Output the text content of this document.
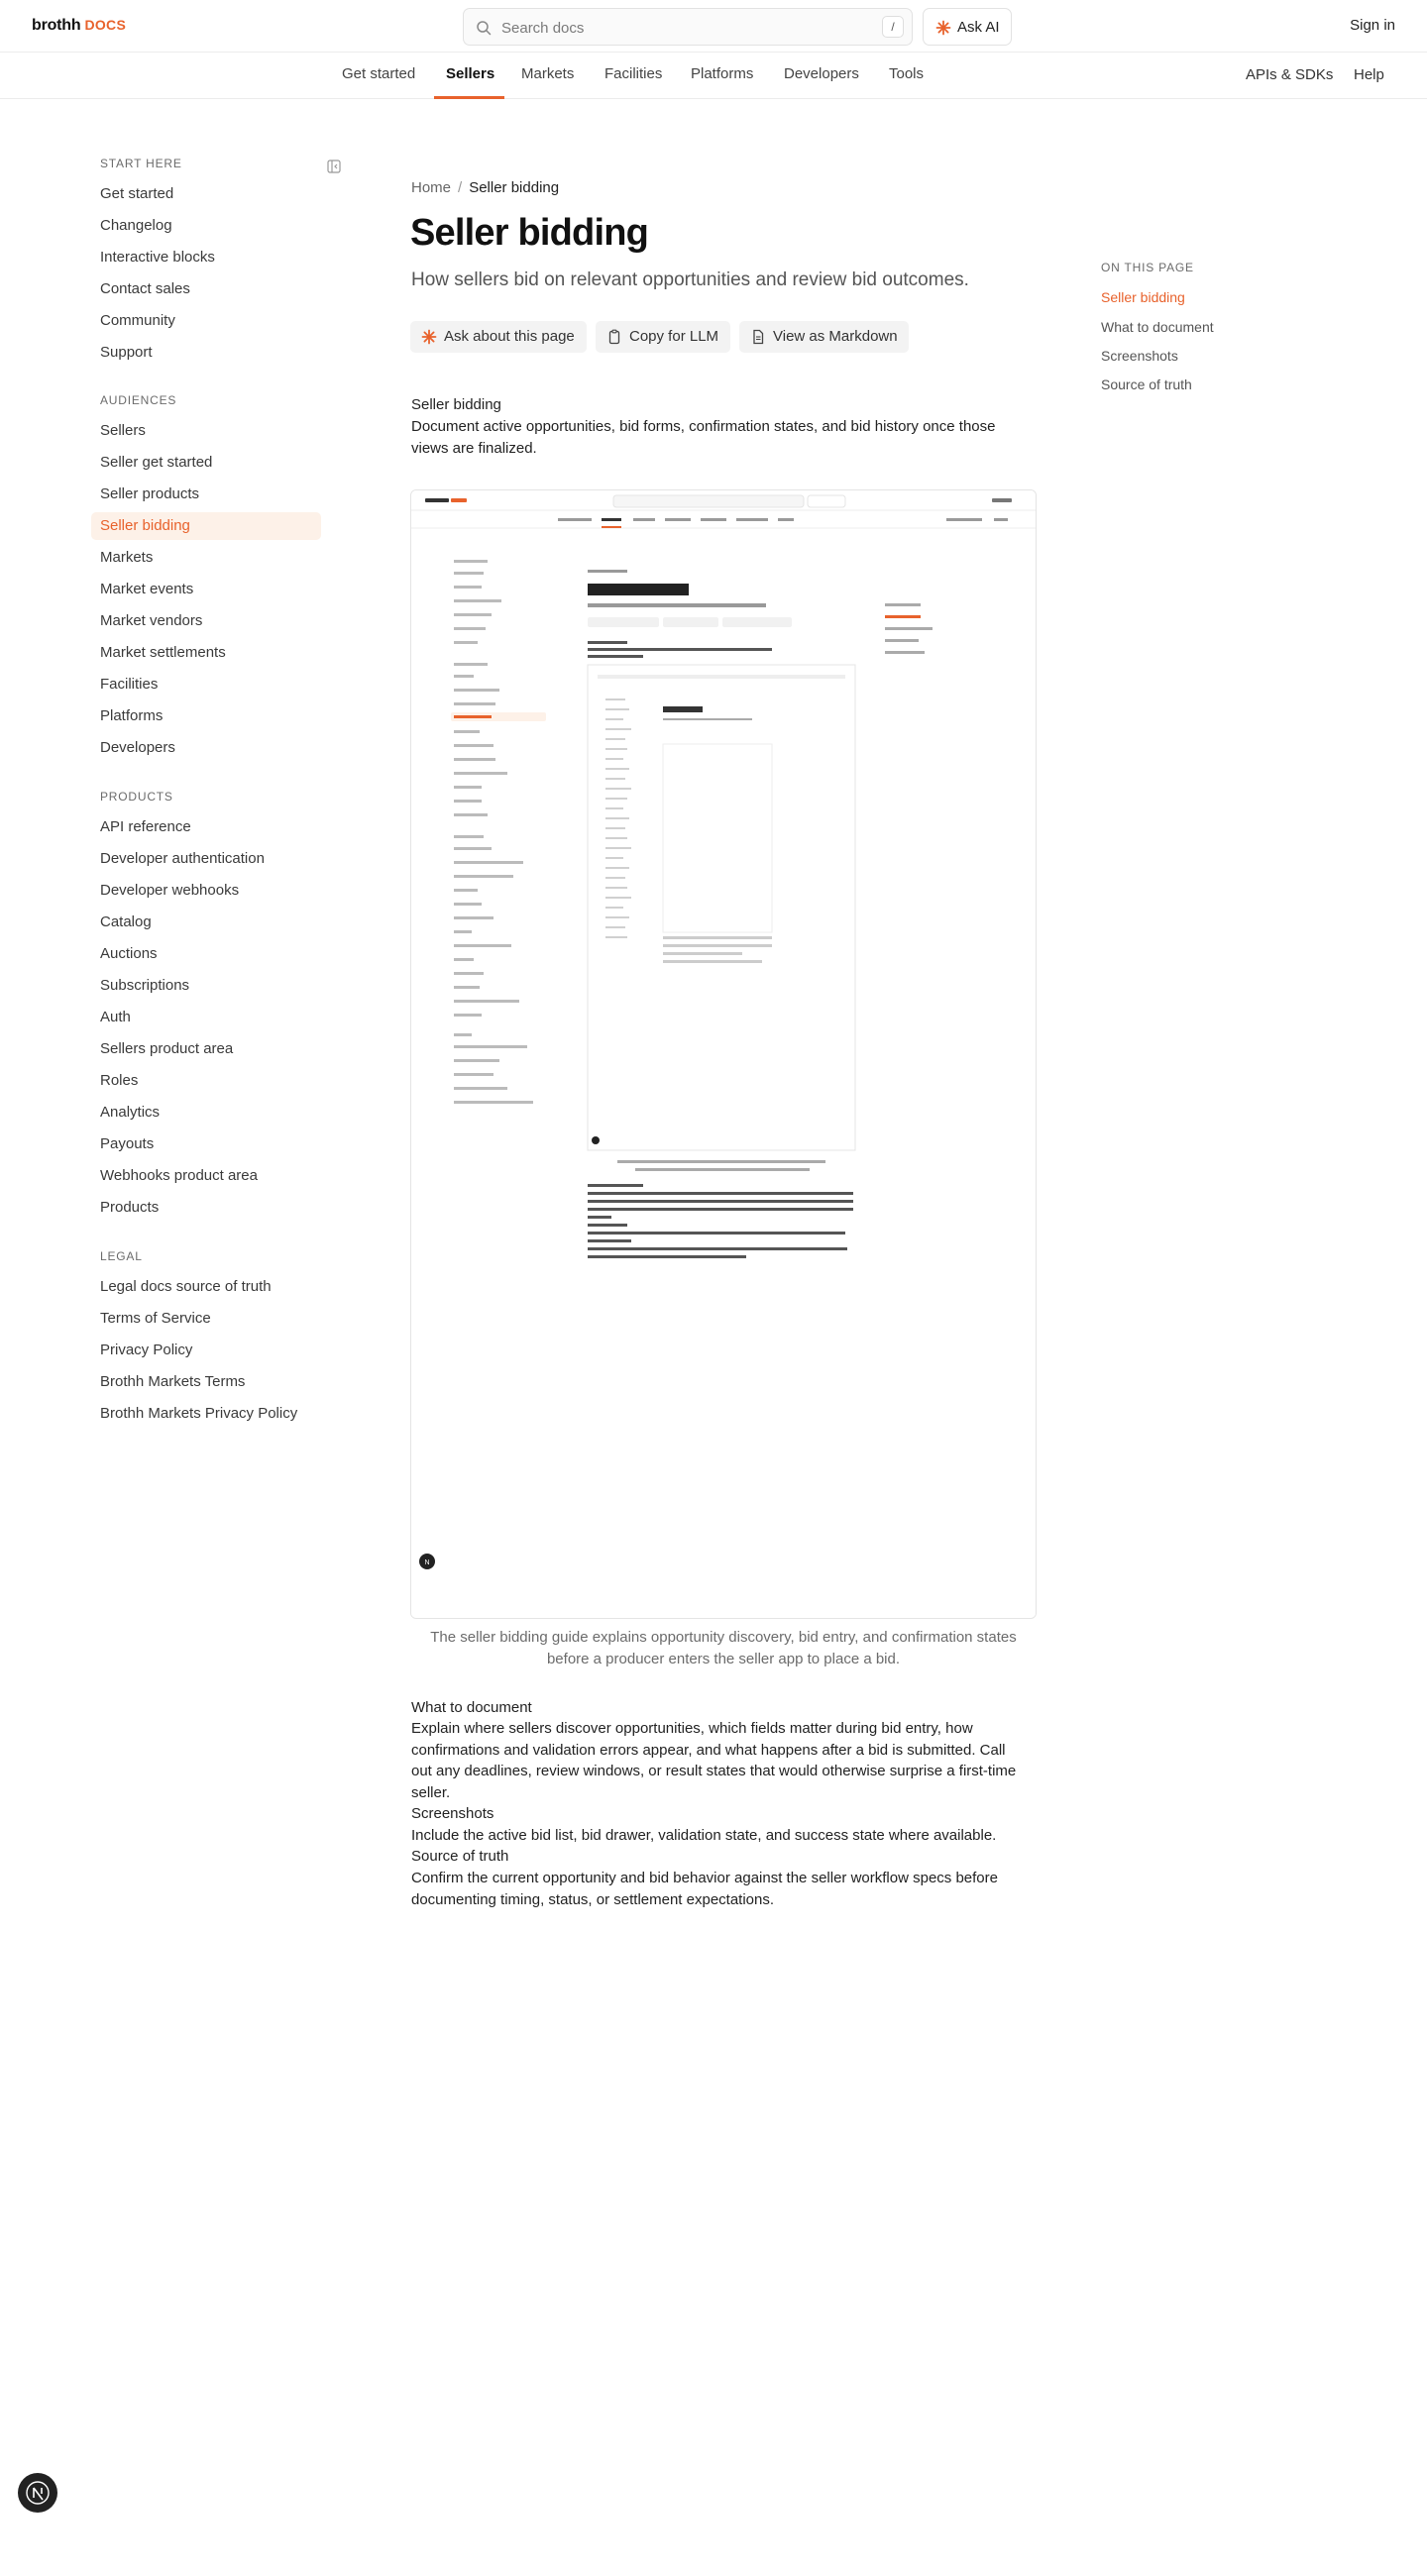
brothh DOCS	Search docs	/	Ask AI	Sign in
Get started Sellers Markets Facilities Platforms Developers Tools	APIs & SDKs Help
START HERE
Get started
Changelog
Interactive blocks
Contact sales
Community
Support
AUDIENCES
Sellers
Seller get started
Seller products
Seller bidding
Markets
Market events
Market vendors
Market settlements
Facilities
Platforms
Developers
PRODUCTS
API reference
Developer authentication
Developer webhooks
Catalog
Auctions
Subscriptions
Auth
Sellers product area
Roles
Analytics
Payouts
Webhooks product area
Products
LEGAL
Legal docs source of truth
Terms of Service
Privacy Policy
Brothh Markets Terms
Brothh Markets Privacy Policy
Home / Seller bidding
Seller bidding

How sellers bid on relevant opportunities and review bid outcomes.

Ask about this page	Copy for LLM	View as Markdown

Seller bidding

Document active opportunities, bid forms, confirmation states, and bid history once those views are finalized.

N

The seller bidding guide explains opportunity discovery, bid entry, and confirmation states before a producer enters the seller app to place a bid.

What to document

Explain where sellers discover opportunities, which fields matter during bid entry, how confirmations and validation errors appear, and what happens after a bid is submitted. Call out any deadlines, review windows, or result states that would otherwise surprise a first-time seller.

Screenshots

Include the active bid list, bid drawer, validation state, and success state where available.

Source of truth

Confirm the current opportunity and bid behavior against the seller workflow specs before documenting timing, status, or settlement expectations.

ON THIS PAGE
Seller bidding
What to document
Screenshots
Source of truth
